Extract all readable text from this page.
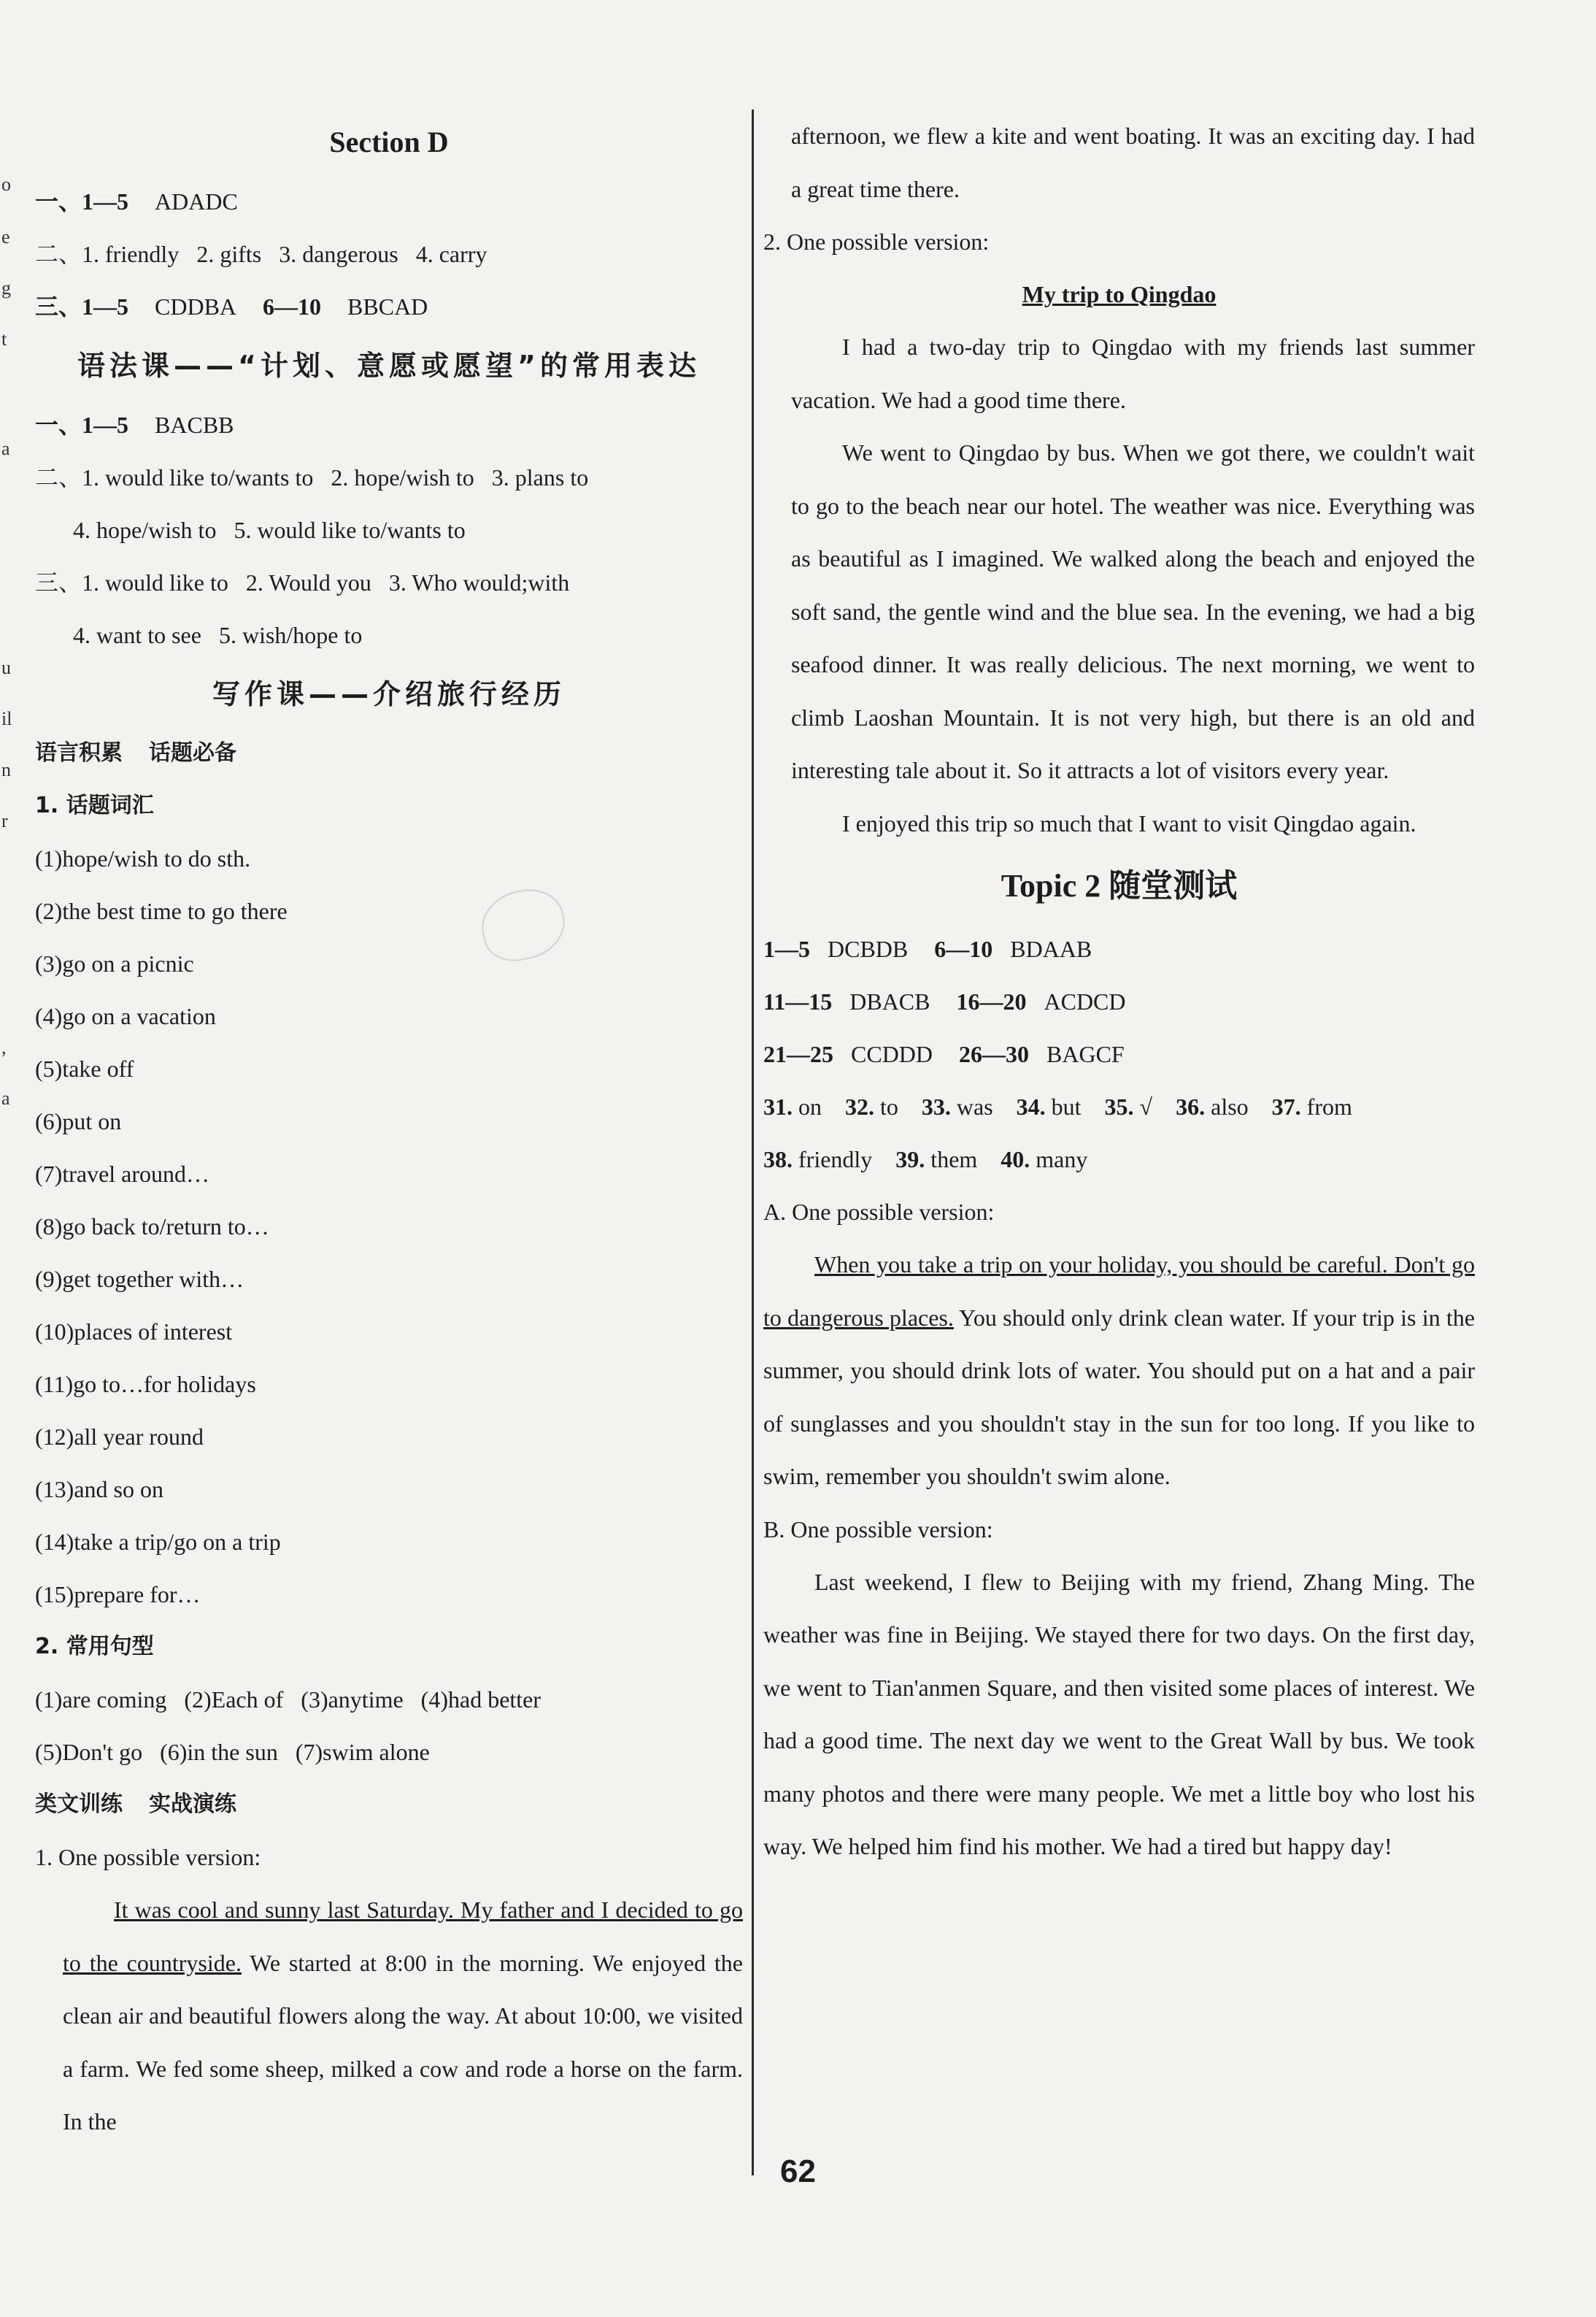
o
e
g
t
a
u
il
n
r
,
a
Section D
一、1—5 ADADC
二、1. friendly 2. gifts 3. dangerous 4. carry
三、1—5 CDDBA 6—10 BBCAD
语法课——“计划、意愿或愿望”的常用表达
一、1—5 BACBB
二、1. would like to/wants to 2. hope/wish to 3. plans to
4. hope/wish to 5. would like to/wants to
三、1. would like to 2. Would you 3. Who would;with
4. want to see 5. wish/hope to
写作课——介绍旅行经历
语言积累 话题必备
1. 话题词汇
(1)hope/wish to do sth.
(2)the best time to go there
(3)go on a picnic
(4)go on a vacation
(5)take off
(6)put on
(7)travel around…
(8)go back to/return to…
(9)get together with…
(10)places of interest
(11)go to…for holidays
(12)all year round
(13)and so on
(14)take a trip/go on a trip
(15)prepare for…
2. 常用句型
(1)are coming (2)Each of (3)anytime (4)had better
(5)Don't go (6)in the sun (7)swim alone
类文训练 实战演练
1. One possible version:
It was cool and sunny last Saturday. My father and I decided to go to the countryside. We started at 8:00 in the morning. We enjoyed the clean air and beautiful flowers along the way. At about 10:00, we visited a farm. We fed some sheep, milked a cow and rode a horse on the farm. In the
afternoon, we flew a kite and went boating. It was an exciting day. I had a great time there.
2. One possible version:
My trip to Qingdao
I had a two-day trip to Qingdao with my friends last summer vacation. We had a good time there.
We went to Qingdao by bus. When we got there, we couldn't wait to go to the beach near our hotel. The weather was nice. Everything was as beautiful as I imagined. We walked along the beach and enjoyed the soft sand, the gentle wind and the blue sea. In the evening, we had a big seafood dinner. It was really delicious. The next morning, we went to climb Laoshan Mountain. It is not very high, but there is an old and interesting tale about it. So it attracts a lot of visitors every year.
I enjoyed this trip so much that I want to visit Qingdao again.
Topic 2 随堂测试
1—5 DCBDB 6—10 BDAAB
11—15 DBACB 16—20 ACDCD
21—25 CCDDD 26—30 BAGCF
31. on 32. to 33. was 34. but 35. √ 36. also 37. from
38. friendly 39. them 40. many
A. One possible version:
When you take a trip on your holiday, you should be careful. Don't go to dangerous places. You should only drink clean water. If your trip is in the summer, you should drink lots of water. You should put on a hat and a pair of sunglasses and you shouldn't stay in the sun for too long. If you like to swim, remember you shouldn't swim alone.
B. One possible version:
Last weekend, I flew to Beijing with my friend, Zhang Ming. The weather was fine in Beijing. We stayed there for two days. On the first day, we went to Tian'anmen Square, and then visited some places of interest. We had a good time. The next day we went to the Great Wall by bus. We took many photos and there were many people. We met a little boy who lost his way. We helped him find his mother. We had a tired but happy day!
62
